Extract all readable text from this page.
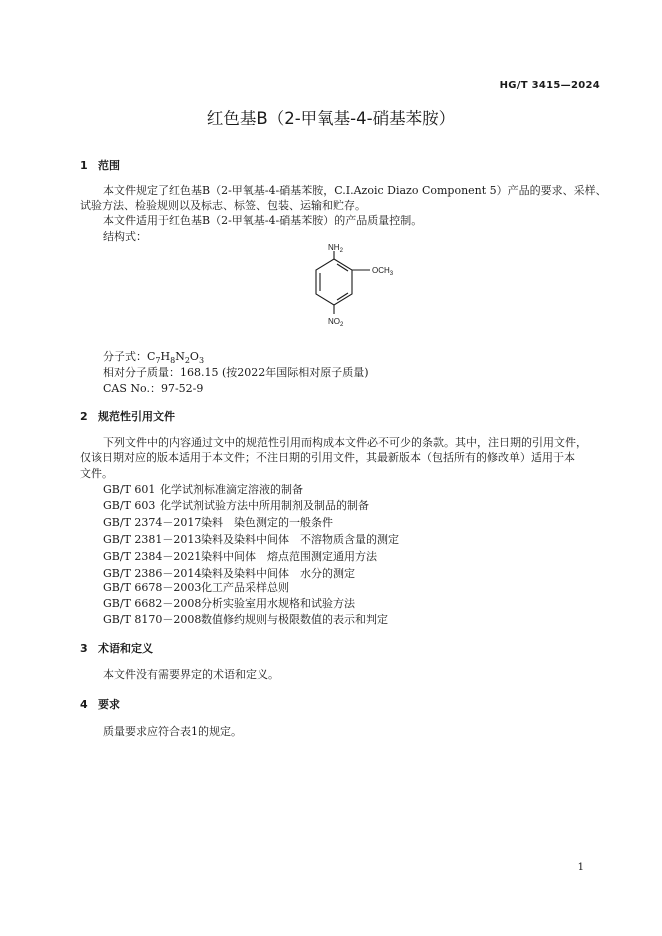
HG/T 3415—2024
红色基B（2-甲氧基-4-硝基苯胺）
1 范围
本文件规定了红色基B（2-甲氧基-4-硝基苯胺，C.I.Azoic Diazo Component 5）产品的要求、采样、
试验方法、检验规则以及标志、标签、包装、运输和贮存。
本文件适用于红色基B（2-甲氧基-4-硝基苯胺）的产品质量控制。
结构式：
$NH_2$
$OCH_3$
$NO_2$
分子式：$C_7H_8N_2O_3$
相对分子质量：168.15 (按2022年国际相对原子质量)
CAS No.：97-52-9
2 规范性引用文件
下列文件中的内容通过文中的规范性引用而构成本文件必不可少的条款。其中，注日期的引用文件，
仅该日期对应的版本适用于本文件；不注日期的引用文件，其最新版本（包括所有的修改单）适用于本
文件。
GB/T 601 化学试剂标准滴定溶液的制备
GB/T 603 化学试剂试验方法中所用制剂及制品的制备
GB/T 2374－2017染料　染色测定的一般条件
GB/T 2381－2013染料及染料中间体　不溶物质含量的测定
GB/T 2384－2021染料中间体　熔点范围测定通用方法
GB/T 2386－2014染料及染料中间体　水分的测定
GB/T 6678－2003化工产品采样总则
GB/T 6682－2008分析实验室用水规格和试验方法
GB/T 8170－2008数值修约规则与极限数值的表示和判定
3 术语和定义
本文件没有需要界定的术语和定义。
4 要求
质量要求应符合表1的规定。
1
